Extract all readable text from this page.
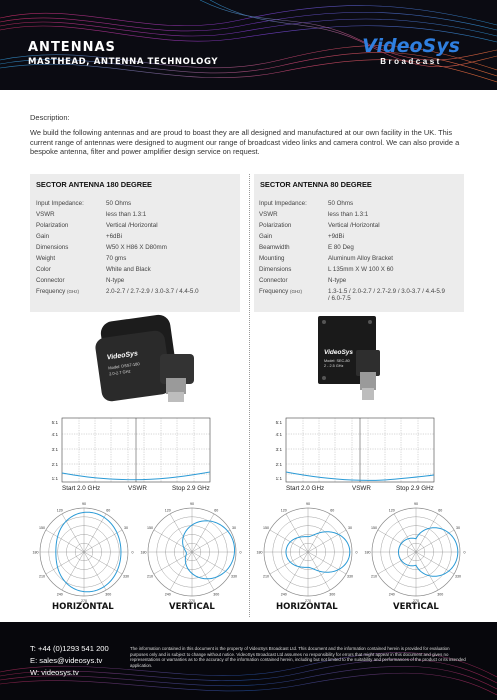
ANTENNAS
MASTHEAD, ANTENNA TECHNOLOGY
VideoSys
Broadcast
Description:
We build the following antennas and are proud to boast they are all designed and manufactured at our own facility in the UK. This current range of antennas were designed to augment our range of broadcast video links and camera control. We can also provide a bespoke antenna, filter and power amplifier design service on request.
SECTOR ANTENNA 180 DEGREE
Input Impedance:	50 Ohms
VSWR	less than 1.3:1
Polarization	Vertical /Horizontal
Gain	+6dBi
Dimensions	W50 X H86 X D80mm
Weight	70 gms
Color	White and Black
Connector	N-type
Frequency (GHz)	2.0-2.7 / 2.7-2.9 / 3.0-3.7 / 4.4-5.0
SECTOR ANTENNA 80 DEGREE
Input Impedance:	50 Ohms
VSWR	less than 1.3:1
Polarization	Vertical /Horizontal
Gain	+9dBi
Beamwidth	E 80 Deg
Mounting	Aluminum Alloy Bracket
Dimensions	L 135mm X W 100 X 60
Connector	N-type
Frequency (GHz)	1.3-1.5 / 2.0-2.7 / 2.7-2.9 / 3.0-3.7 / 4.4-5.9 / 6.0-7.5
VideoSys
Model: DSS7-180
2.0-2.7 GHz
VideoSys
Model: SEC-80
2 - 2.5 GHz
5:1
4:1
3:1
2:1
1:1
Start 2.0 GHz	VSWR	Stop 2.9 GHz
5:1
4:1
3:1
2:1
1:1
Start 2.0 GHz	VSWR	Stop 2.9 GHz
0
30
60
90
120
150
180
210
240
270
300
330
0
30
60
90
120
150
180
210
240
270
300
330
0
30
60
90
120
150
180
210
240
270
300
330
0
30
60
90
120
150
180
210
240
270
300
330
HORIZONTAL	VERTICAL	HORIZONTAL	VERTICAL
T: +44 (0)1293 541 200
E: sales@videosys.tv
W: videosys.tv
The information contained in this document is the property of VideoSys Broadcast Ltd. This document and the information contained herein is provided for evaluation purposes only and is subject to change without notice. VideoSys Broadcast Ltd assumes no responsibility for errors that might appear in this document and gives no representations or warranties as to the accuracy of the information contained herein, including but not limited to the suitability and performances of the product or its intended application.
